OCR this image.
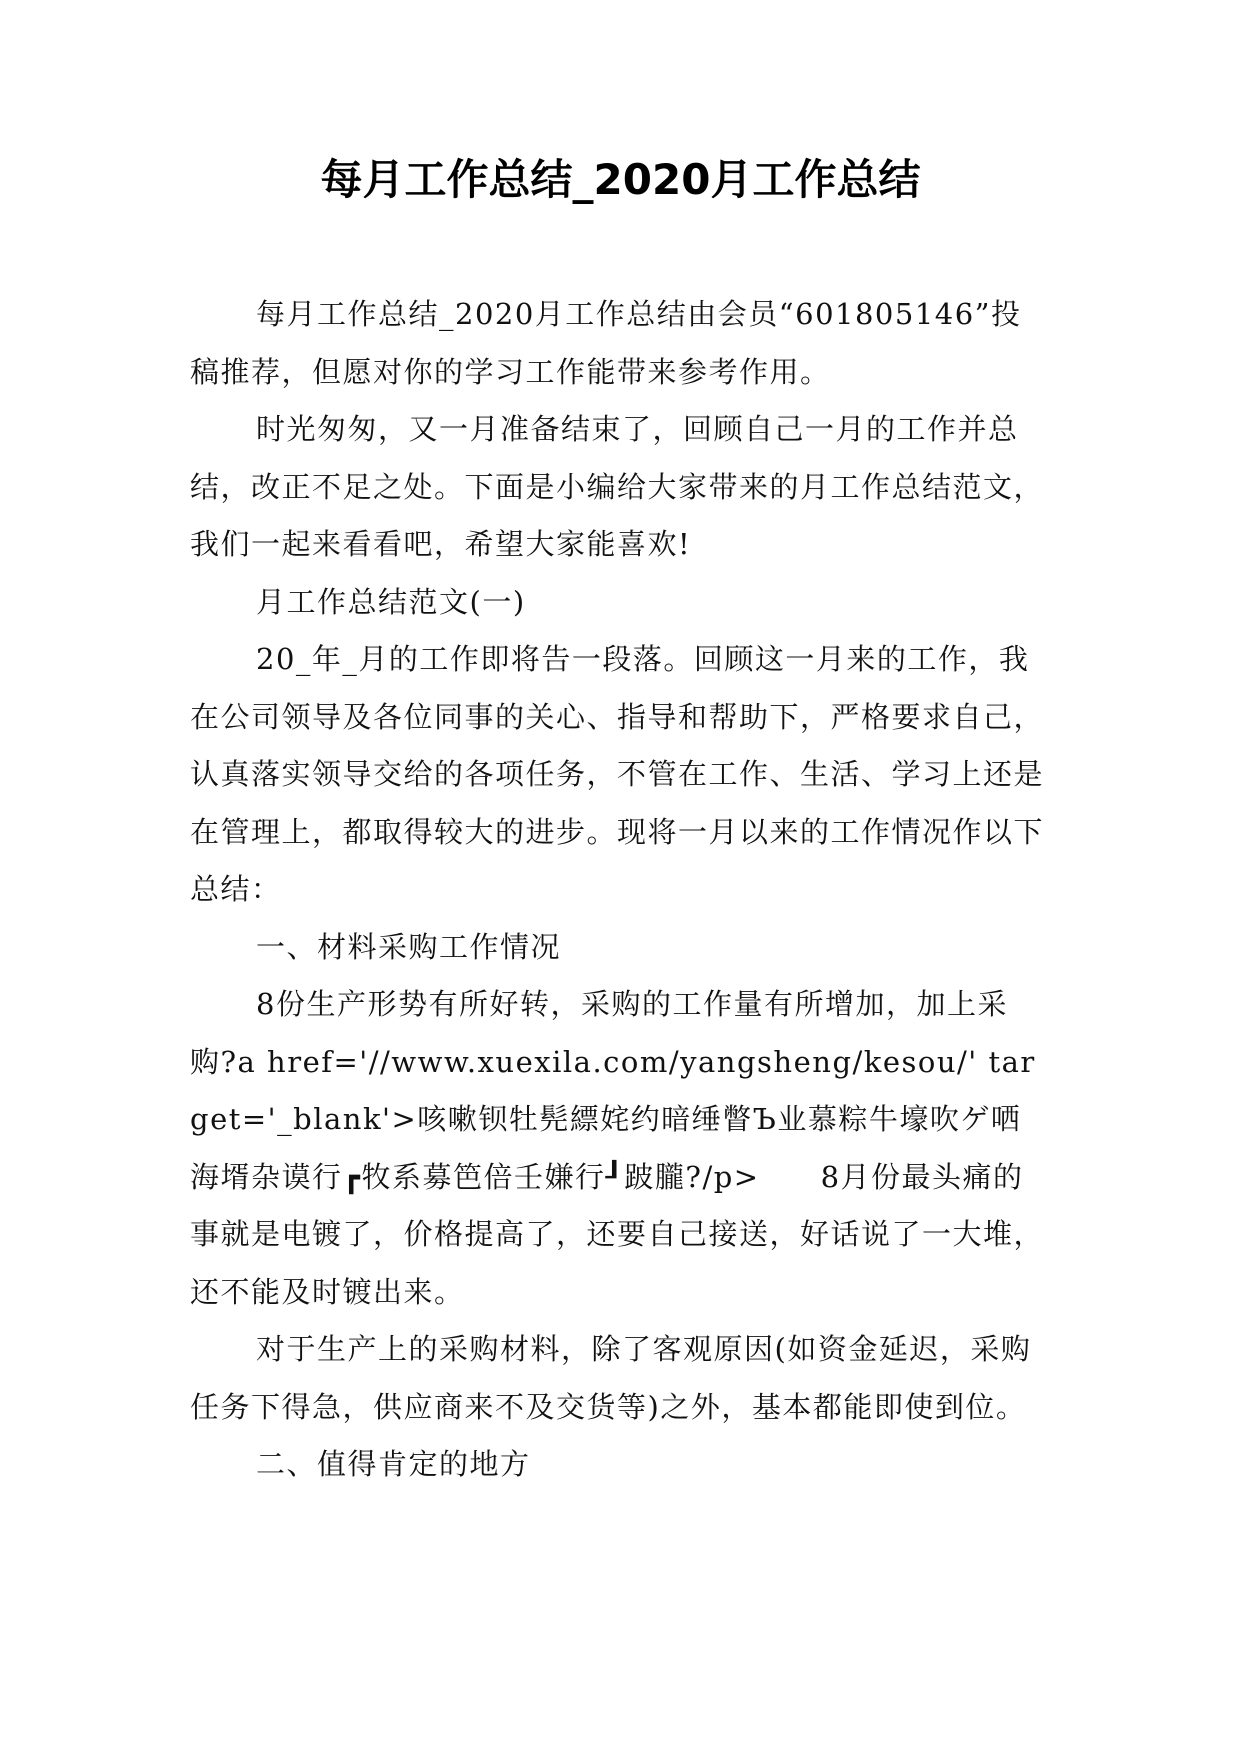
每月工作总结_2020月工作总结

每月工作总结_2020月工作总结由会员“601805146”投稿推荐，但愿对你的学习工作能带来参考作用。

时光匆匆，又一月准备结束了，回顾自己一月的工作并总结，改正不足之处。下面是小编给大家带来的月工作总结范文，我们一起来看看吧，希望大家能喜欢!

月工作总结范文(一)

20_年_月的工作即将告一段落。回顾这一月来的工作，我在公司领导及各位同事的关心、指导和帮助下，严格要求自己，认真落实领导交给的各项任务，不管在工作、生活、学习上还是在管理上，都取得较大的进步。现将一月以来的工作情况作以下总结：

一、材料采购工作情况

8份生产形势有所好转，采购的工作量有所增加，加上采购?a href='//www.xuexila.com/yangsheng/kesou/' target='_blank'>咳嗽钡牡髡縹姹约暗缍瞥Ъ业慕粽牛壕吹ゲ哂海壻杂谟行┏牧系募笆倍壬嫌行┚跛朧?/p>　　8月份最头痛的事就是电镀了，价格提高了，还要自己接送，好话说了一大堆，还不能及时镀出来。

对于生产上的采购材料，除了客观原因(如资金延迟，采购任务下得急，供应商来不及交货等)之外，基本都能即使到位。

二、值得肯定的地方
